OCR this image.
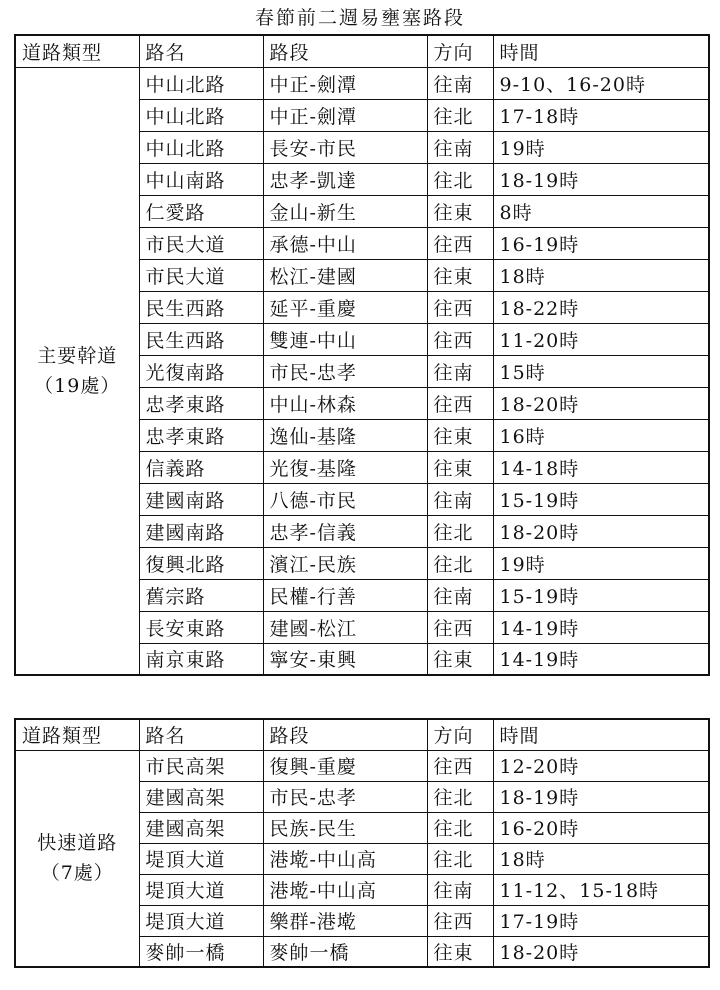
春節前二週易壅塞路段
道路類型	路名	路段	方向	時間

主要幹道
（19處）	中山北路	中正-劍潭	往南	9-10、16-20時
	中山北路	中正-劍潭	往北	17-18時
	中山北路	長安-市民	往南	19時
	中山南路	忠孝-凱達	往北	18-19時
	仁愛路	金山-新生	往東	8時
	市民大道	承德-中山	往西	16-19時
	市民大道	松江-建國	往東	18時
	民生西路	延平-重慶	往西	18-22時
	民生西路	雙連-中山	往西	11-20時
	光復南路	市民-忠孝	往南	15時
	忠孝東路	中山-林森	往西	18-20時
	忠孝東路	逸仙-基隆	往東	16時
	信義路	光復-基隆	往東	14-18時
	建國南路	八德-市民	往南	15-19時
	建國南路	忠孝-信義	往北	18-20時
	復興北路	濱江-民族	往北	19時
	舊宗路	民權-行善	往南	15-19時
	長安東路	建國-松江	往西	14-19時
	南京東路	寧安-東興	往東	14-19時
道路類型	路名	路段	方向	時間

快速道路
（7處）	市民高架	復興-重慶	往西	12-20時
	建國高架	市民-忠孝	往北	18-19時
	建國高架	民族-民生	往北	16-20時
	堤頂大道	港墘-中山高	往北	18時
	堤頂大道	港墘-中山高	往南	11-12、15-18時
	堤頂大道	樂群-港墘	往西	17-19時
	麥帥一橋	麥帥一橋	往東	18-20時
